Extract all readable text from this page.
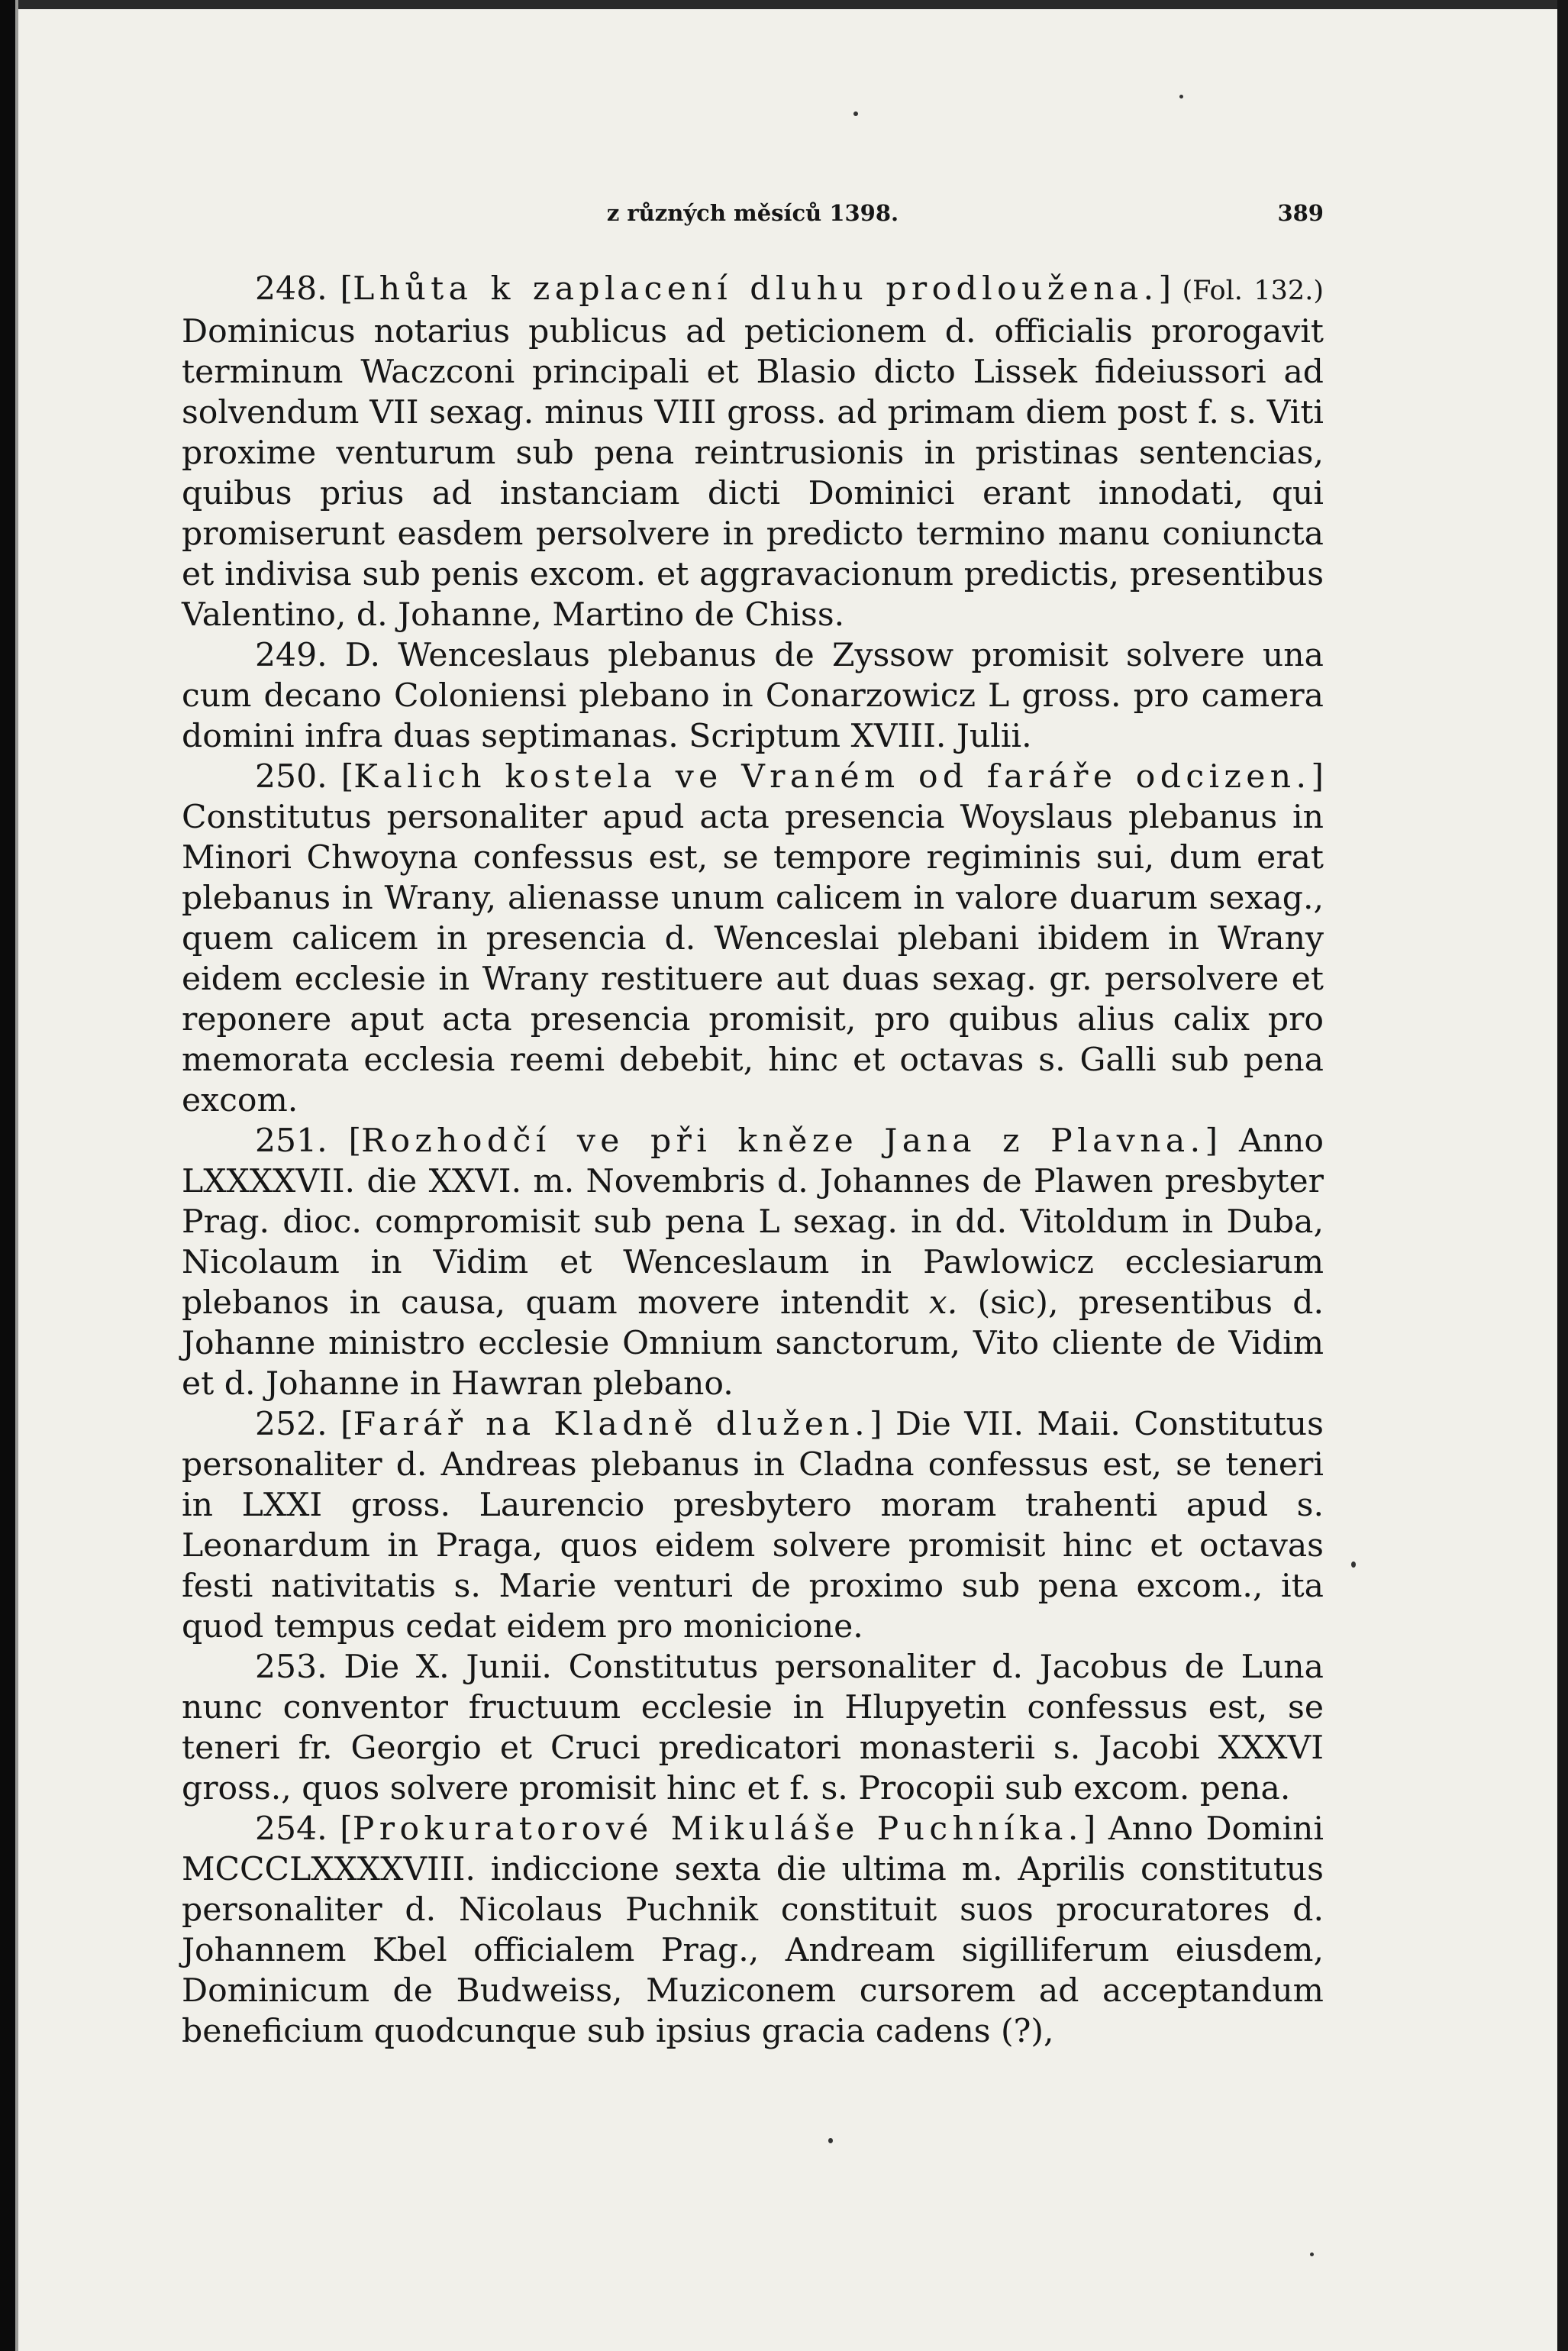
z různých měsíců 1398.	389

248. [Lhůta k zaplacení dluhu prodloužena.] (Fol. 132.) Dominicus notarius publicus ad peticionem d. officialis prorogavit terminum Waczconi principali et Blasio dicto Lissek fideiussori ad solvendum VII sexag. minus VIII gross. ad primam diem post f. s. Viti proxime venturum sub pena reintrusionis in pristinas sentencias, quibus prius ad instanciam dicti Dominici erant innodati, qui promiserunt easdem persolvere in predicto termino manu coniuncta et indivisa sub penis excom. et aggravacionum predictis, presentibus Valentino, d. Johanne, Martino de Chiss.

249. D. Wenceslaus plebanus de Zyssow promisit solvere una cum decano Coloniensi plebano in Conarzowicz L gross. pro camera domini infra duas septimanas. Scriptum XVIII. Julii.

250. [Kalich kostela ve Vraném od faráře odcizen.] Constitutus personaliter apud acta presencia Woyslaus plebanus in Minori Chwoyna confessus est, se tempore regiminis sui, dum erat plebanus in Wrany, alienasse unum calicem in valore duarum sexag., quem calicem in presencia d. Wenceslai plebani ibidem in Wrany eidem ecclesie in Wrany restituere aut duas sexag. gr. persolvere et reponere aput acta presencia promisit, pro quibus alius calix pro memorata ecclesia reemi debebit, hinc et octavas s. Galli sub pena excom.

251. [Rozhodčí ve při kněze Jana z Plavna.] Anno LXXXXVII. die XXVI. m. Novembris d. Johannes de Plawen presbyter Prag. dioc. compromisit sub pena L sexag. in dd. Vitoldum in Duba, Nicolaum in Vidim et Wenceslaum in Pawlowicz ecclesiarum plebanos in causa, quam movere intendit x. (sic), presentibus d. Johanne ministro ecclesie Omnium sanctorum, Vito cliente de Vidim et d. Johanne in Hawran plebano.

252. [Farář na Kladně dlužen.] Die VII. Maii. Constitutus personaliter d. Andreas plebanus in Cladna confessus est, se teneri in LXXI gross. Laurencio presbytero moram trahenti apud s. Leonardum in Praga, quos eidem solvere promisit hinc et octavas festi nativitatis s. Marie venturi de proximo sub pena excom., ita quod tempus cedat eidem pro monicione.

253. Die X. Junii. Constitutus personaliter d. Jacobus de Luna nunc conventor fructuum ecclesie in Hlupyetin confessus est, se teneri fr. Georgio et Cruci predicatori monasterii s. Jacobi XXXVI gross., quos solvere promisit hinc et f. s. Procopii sub excom. pena.

254. [Prokuratorové Mikuláše Puchníka.] Anno Domini MCCCLXXXXVIII. indiccione sexta die ultima m. Aprilis constitutus personaliter d. Nicolaus Puchnik constituit suos procuratores d. Johannem Kbel officialem Prag., Andream sigilliferum eiusdem, Dominicum de Budweiss, Muziconem cursorem ad acceptandum beneficium quodcunque sub ipsius gracia cadens (?),
